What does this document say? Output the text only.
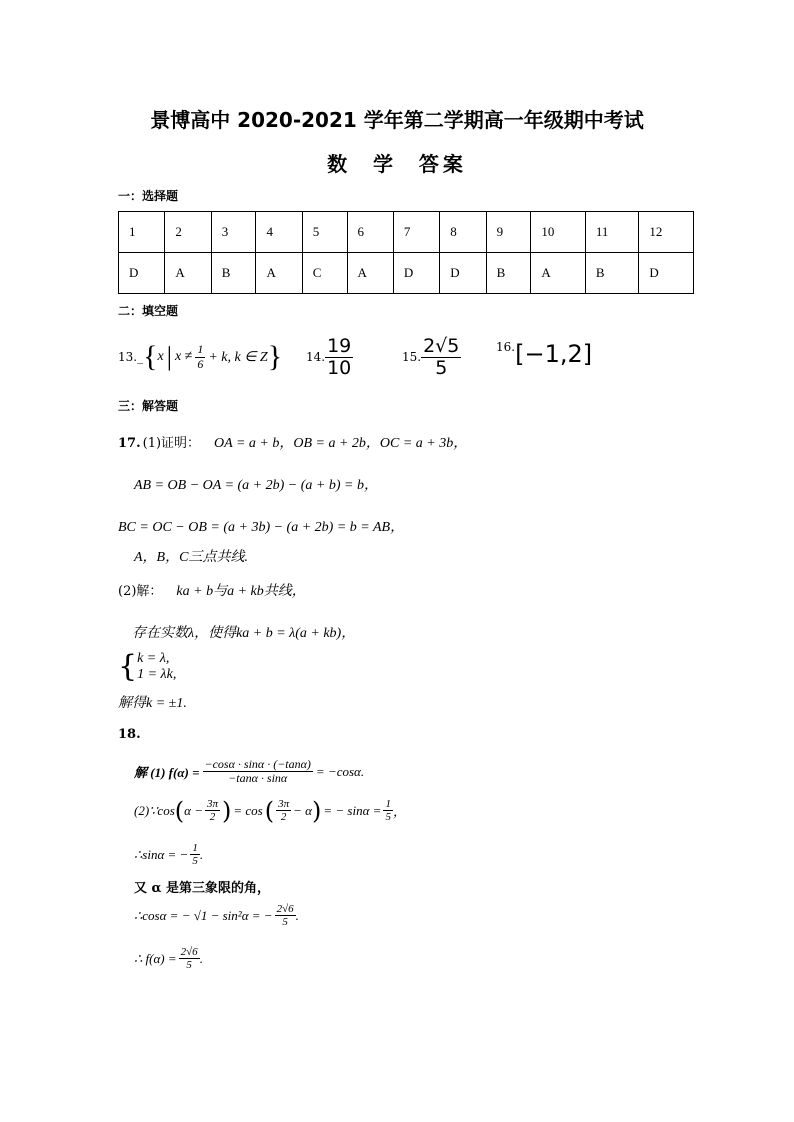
景博高中 2020-2021 学年第二学期高一年级期中考试
数  学  答案
一：选择题
1	2	3	4	5	6	7	8	9	10	11	12
D	A	B	A	C	A	D	D	B	A	B	D
二：填空题
13._ { x | $x \ne \frac{1}{6} + k$, k ∈ Z } 14. $\frac{19}{10}$	15. $\frac{2√5}{5}$	16. [−1,2]
三：解答题
17. (1)证明： OA = a + b，OB = a + 2b，OC = a + 3b，
AB = OB − OA = (a + 2b) − (a + b) = b，
BC = OC − OB = (a + 3b) − (a + 2b) = b = AB，
A，B，C三点共线.
(2)解： ka + b与a + kb共线，
存在实数λ，使得ka + b = λ(a + kb)，
{ k = λ,
1 = λk,
解得k = ±1.
18.
解 (1) $f(\alpha) = \frac{-\cos\alpha \cdot \sin\alpha \cdot (-\tan\alpha)}{-\tan\alpha \cdot \sin\alpha} = -\cos\alpha$.
(2)∵cos ( $\alpha - \frac{3\pi}{2}$ ) = cos ( $\frac{3\pi}{2} - \alpha$ ) = − $\sin\alpha = \frac{1}{5}$ ，
∴sinα = − $\frac{1}{5}$ .
又 α 是第三象限的角，
∴cosα = − √1 − sin²α = − $\frac{2√6}{5}$ .
∴ $f(\alpha) = \frac{2√6}{5}$ .
